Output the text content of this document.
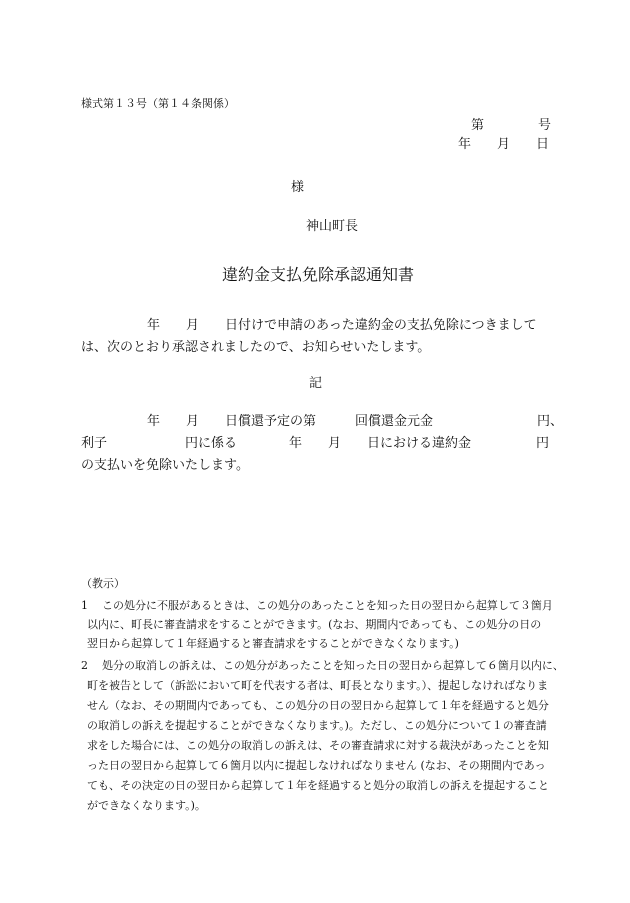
様式第１３号（第１４条関係）
第	号
年　　月　　日
様
神山町長
違約金支払免除承認通知書
年　　月　　日付けで申請のあった違約金の支払免除につきまして
は、次のとおり承認されましたので、お知らせいたします。
記
年　　月　　日償還予定の第　　　回償還金元金　　　　　　　　円、
利子　　　　　　円に係る　　　　年　　月　　日における違約金　　　　　円
の支払いを免除いたします。
（教示）
1 この処分に不服があるときは、この処分のあったことを知った日の翌日から起算して３箇月
以内に、町長に審査請求をすることができます。(なお、期間内であっても、この処分の日の
翌日から起算して１年経過すると審査請求をすることができなくなります。)
2 処分の取消しの訴えは、この処分があったことを知った日の翌日から起算して６箇月以内に、
町を被告として（訴訟において町を代表する者は、町長となります。）、提起しなければなりま
せん（なお、その期間内であっても、この処分の日の翌日から起算して１年を経過すると処分
の取消しの訴えを提起することができなくなります。)。ただし、この処分について１の審査請
求をした場合には、この処分の取消しの訴えは、その審査請求に対する裁決があったことを知
った日の翌日から起算して６箇月以内に提起しなければなりません (なお、その期間内であっ
ても、その決定の日の翌日から起算して１年を経過すると処分の取消しの訴えを提起すること
ができなくなります。)。
